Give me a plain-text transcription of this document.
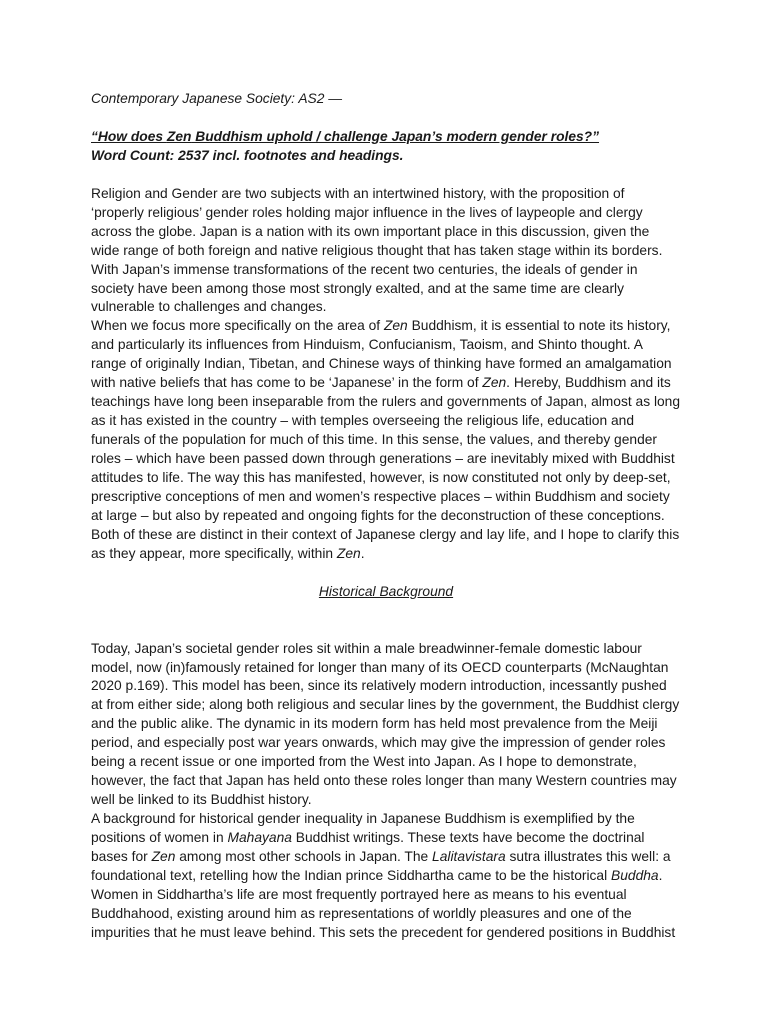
Contemporary Japanese Society: AS2 —

“How does Zen Buddhism uphold / challenge Japan’s modern gender roles?”

Word Count: 2537 incl. footnotes and headings.

Religion and Gender are two subjects with an intertwined history, with the proposition of ‘properly religious’ gender roles holding major influence in the lives of laypeople and clergy across the globe. Japan is a nation with its own important place in this discussion, given the wide range of both foreign and native religious thought that has taken stage within its borders. With Japan’s immense transformations of the recent two centuries, the ideals of gender in society have been among those most strongly exalted, and at the same time are clearly vulnerable to challenges and changes.

When we focus more specifically on the area of Zen Buddhism, it is essential to note its history, and particularly its influences from Hinduism, Confucianism, Taoism, and Shinto thought. A range of originally Indian, Tibetan, and Chinese ways of thinking have formed an amalgamation with native beliefs that has come to be ‘Japanese’ in the form of Zen. Hereby, Buddhism and its teachings have long been inseparable from the rulers and governments of Japan, almost as long as it has existed in the country – with temples overseeing the religious life, education and funerals of the population for much of this time. In this sense, the values, and thereby gender roles – which have been passed down through generations – are inevitably mixed with Buddhist attitudes to life. The way this has manifested, however, is now constituted not only by deep-set, prescriptive conceptions of men and women’s respective places – within Buddhism and society at large – but also by repeated and ongoing fights for the deconstruction of these conceptions. Both of these are distinct in their context of Japanese clergy and lay life, and I hope to clarify this as they appear, more specifically, within Zen.

Historical Background

Today, Japan’s societal gender roles sit within a male breadwinner-female domestic labour model, now (in)famously retained for longer than many of its OECD counterparts (McNaughtan 2020 p.169). This model has been, since its relatively modern introduction, incessantly pushed at from either side; along both religious and secular lines by the government, the Buddhist clergy and the public alike. The dynamic in its modern form has held most prevalence from the Meiji period, and especially post war years onwards, which may give the impression of gender roles being a recent issue or one imported from the West into Japan. As I hope to demonstrate, however, the fact that Japan has held onto these roles longer than many Western countries may well be linked to its Buddhist history.

A background for historical gender inequality in Japanese Buddhism is exemplified by the positions of women in Mahayana Buddhist writings. These texts have become the doctrinal bases for Zen among most other schools in Japan. The Lalitavistara sutra illustrates this well: a foundational text, retelling how the Indian prince Siddhartha came to be the historical Buddha. Women in Siddhartha’s life are most frequently portrayed here as means to his eventual Buddhahood, existing around him as representations of worldly pleasures and one of the impurities that he must leave behind. This sets the precedent for gendered positions in Buddhist
